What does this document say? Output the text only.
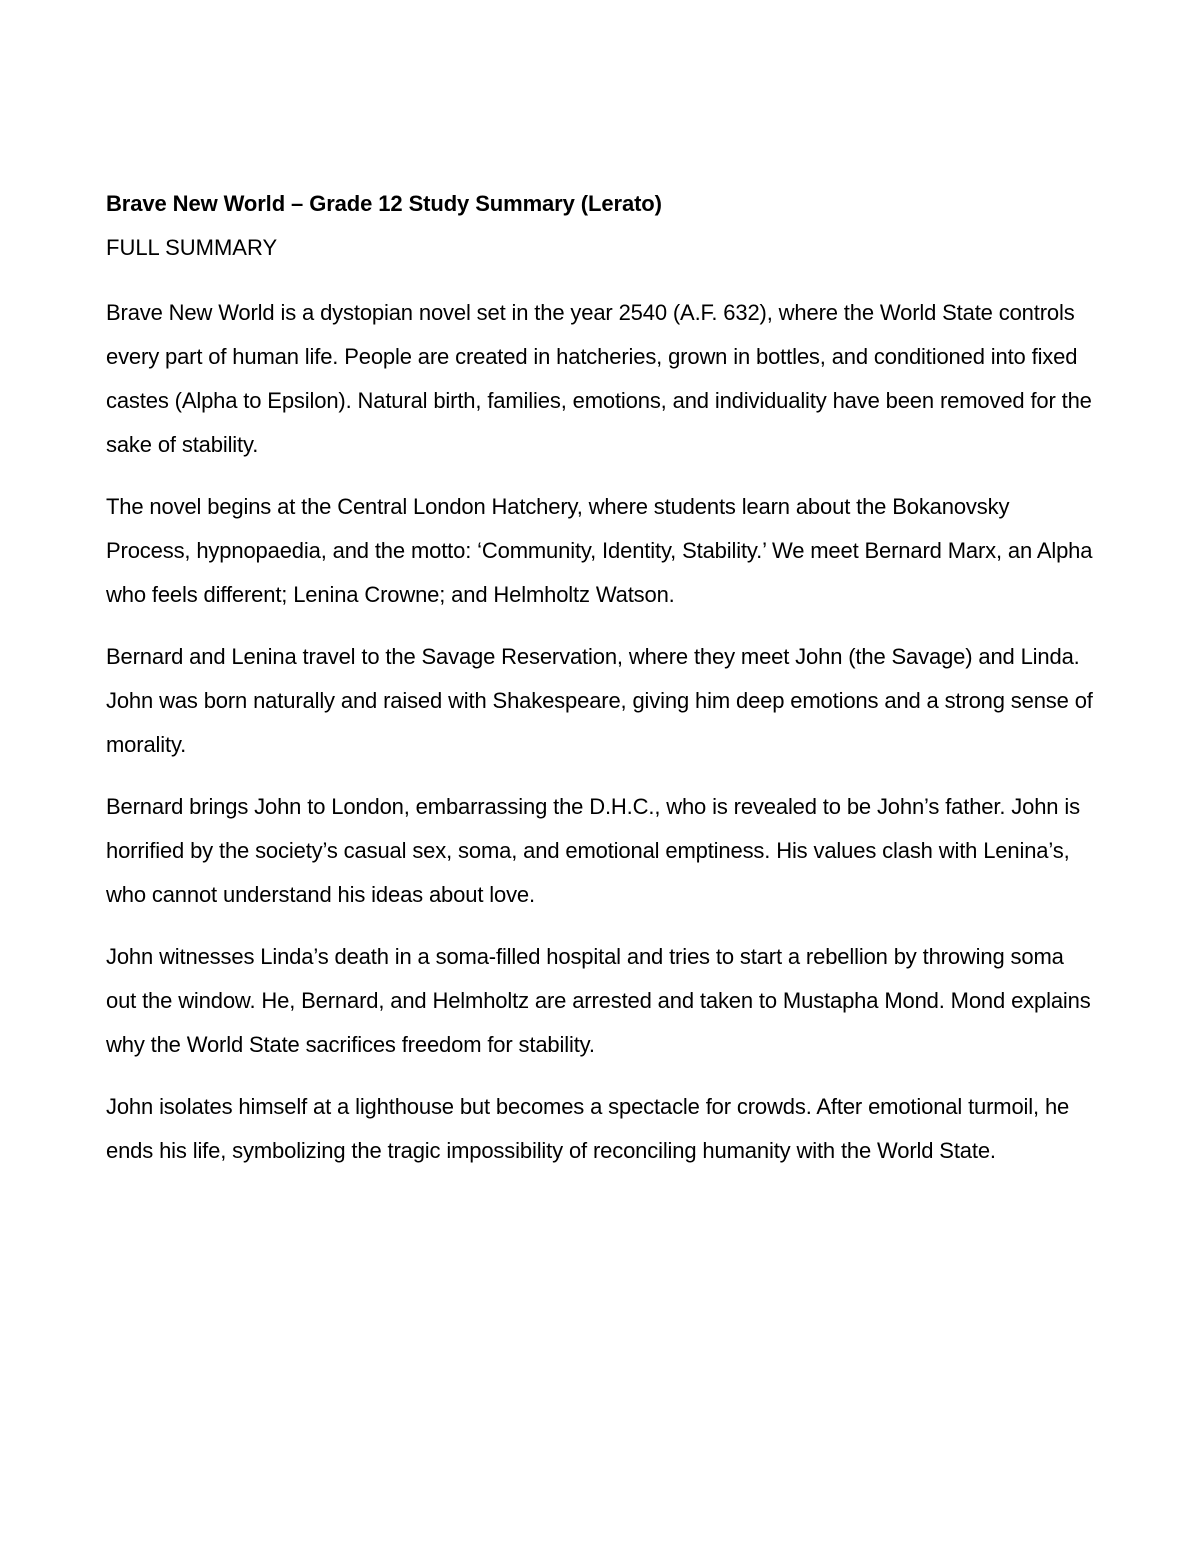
Brave New World – Grade 12 Study Summary (Lerato)

FULL SUMMARY

Brave New World is a dystopian novel set in the year 2540 (A.F. 632), where the World State controls every part of human life. People are created in hatcheries, grown in bottles, and conditioned into fixed castes (Alpha to Epsilon). Natural birth, families, emotions, and individuality have been removed for the sake of stability.

The novel begins at the Central London Hatchery, where students learn about the Bokanovsky Process, hypnopaedia, and the motto: ‘Community, Identity, Stability.’ We meet Bernard Marx, an Alpha who feels different; Lenina Crowne; and Helmholtz Watson.

Bernard and Lenina travel to the Savage Reservation, where they meet John (the Savage) and Linda. John was born naturally and raised with Shakespeare, giving him deep emotions and a strong sense of morality.

Bernard brings John to London, embarrassing the D.H.C., who is revealed to be John’s father. John is horrified by the society’s casual sex, soma, and emotional emptiness. His values clash with Lenina’s, who cannot understand his ideas about love.

John witnesses Linda’s death in a soma-filled hospital and tries to start a rebellion by throwing soma out the window. He, Bernard, and Helmholtz are arrested and taken to Mustapha Mond. Mond explains why the World State sacrifices freedom for stability.

John isolates himself at a lighthouse but becomes a spectacle for crowds. After emotional turmoil, he ends his life, symbolizing the tragic impossibility of reconciling humanity with the World State.
